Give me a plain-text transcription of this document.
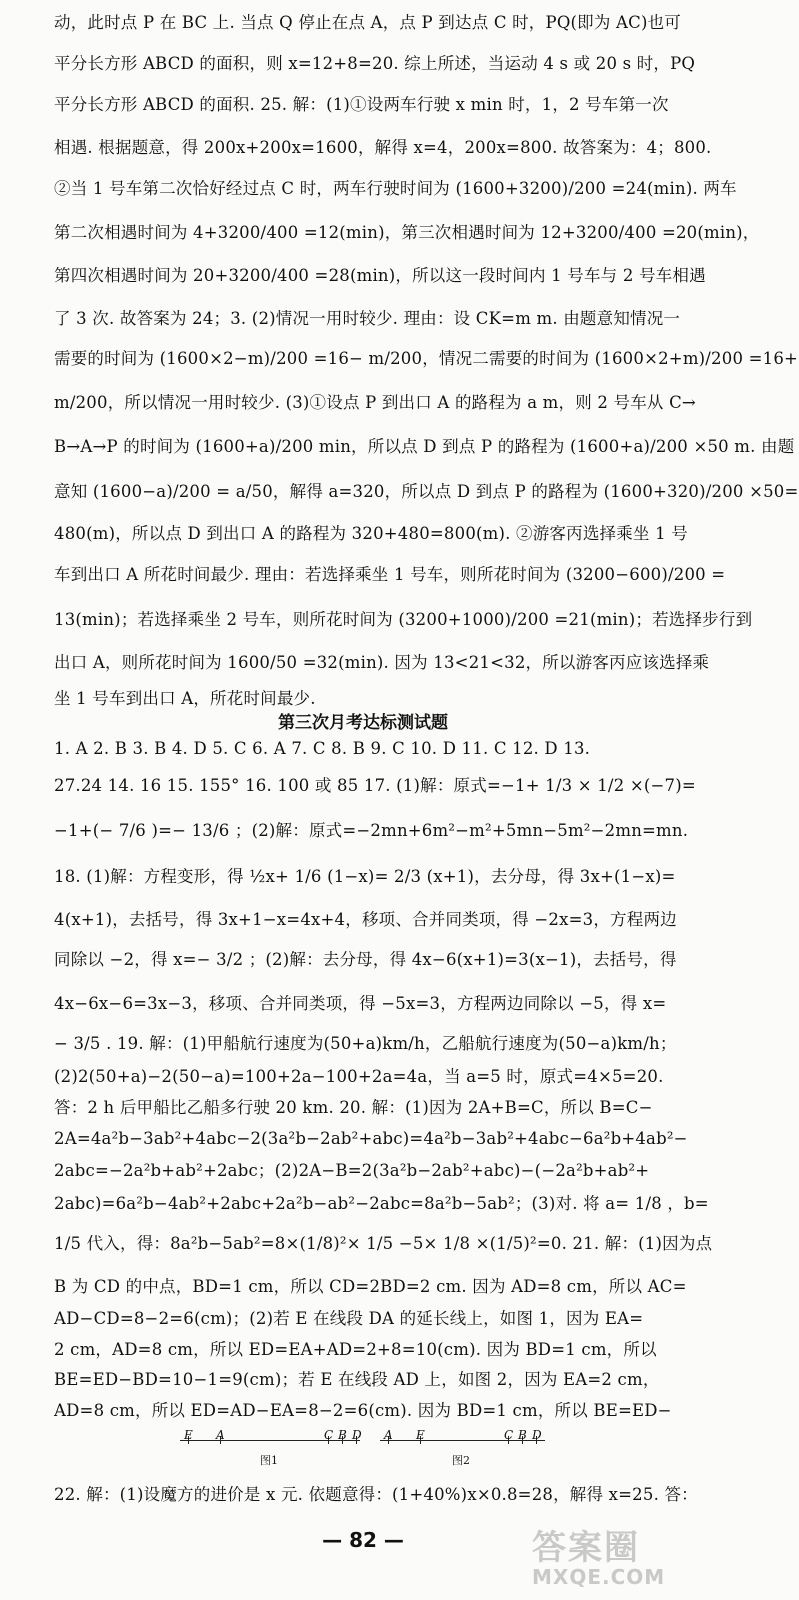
动，此时点 P 在 BC 上. 当点 Q 停止在点 A，点 P 到达点 C 时，PQ(即为 AC)也可
平分长方形 ABCD 的面积，则 x=12+8=20. 综上所述，当运动 4 s 或 20 s 时，PQ
平分长方形 ABCD 的面积. 25. 解：(1)①设两车行驶 x min 时，1，2 号车第一次
相遇. 根据题意，得 200x+200x=1600，解得 x=4，200x=800. 故答案为：4；800.
②当 1 号车第二次恰好经过点 C 时，两车行驶时间为 (1600+3200)/200 =24(min). 两车
第二次相遇时间为 4+3200/400 =12(min)，第三次相遇时间为 12+3200/400 =20(min)，
第四次相遇时间为 20+3200/400 =28(min)，所以这一段时间内 1 号车与 2 号车相遇
了 3 次. 故答案为 24；3. (2)情况一用时较少. 理由：设 CK=m m. 由题意知情况一
需要的时间为 (1600×2−m)/200 =16− m/200，情况二需要的时间为 (1600×2+m)/200 =16+
m/200，所以情况一用时较少. (3)①设点 P 到出口 A 的路程为 a m，则 2 号车从 C→
B→A→P 的时间为 (1600+a)/200 min，所以点 D 到点 P 的路程为 (1600+a)/200 ×50 m. 由题
意知 (1600−a)/200 = a/50，解得 a=320，所以点 D 到点 P 的路程为 (1600+320)/200 ×50=
480(m)，所以点 D 到出口 A 的路程为 320+480=800(m). ②游客丙选择乘坐 1 号
车到出口 A 所花时间最少. 理由：若选择乘坐 1 号车，则所花时间为 (3200−600)/200 =
13(min)；若选择乘坐 2 号车，则所花时间为 (3200+1000)/200 =21(min)；若选择步行到
出口 A，则所花时间为 1600/50 =32(min). 因为 13<21<32，所以游客丙应该选择乘
坐 1 号车到出口 A，所花时间最少.
第三次月考达标测试题
1. A 2. B 3. B 4. D 5. C 6. A 7. C 8. B 9. C 10. D 11. C 12. D 13.
27.24 14. 16 15. 155° 16. 100 或 85 17. (1)解：原式=−1+ 1/3 × 1/2 ×(−7)=
−1+(− 7/6 )=− 13/6 ；(2)解：原式=−2mn+6m²−m²+5mn−5m²−2mn=mn.
18. (1)解：方程变形，得 ½x+ 1/6 (1−x)= 2/3 (x+1)，去分母，得 3x+(1−x)=
4(x+1)，去括号，得 3x+1−x=4x+4，移项、合并同类项，得 −2x=3，方程两边
同除以 −2，得 x=− 3/2 ；(2)解：去分母，得 4x−6(x+1)=3(x−1)，去括号，得
4x−6x−6=3x−3，移项、合并同类项，得 −5x=3，方程两边同除以 −5，得 x=
− 3/5 . 19. 解：(1)甲船航行速度为(50+a)km/h，乙船航行速度为(50−a)km/h；
(2)2(50+a)−2(50−a)=100+2a−100+2a=4a，当 a=5 时，原式=4×5=20.
答：2 h 后甲船比乙船多行驶 20 km. 20. 解：(1)因为 2A+B=C，所以 B=C−
2A=4a²b−3ab²+4abc−2(3a²b−2ab²+abc)=4a²b−3ab²+4abc−6a²b+4ab²−
2abc=−2a²b+ab²+2abc；(2)2A−B=2(3a²b−2ab²+abc)−(−2a²b+ab²+
2abc)=6a²b−4ab²+2abc+2a²b−ab²−2abc=8a²b−5ab²；(3)对. 将 a= 1/8 ，b=
1/5 代入，得：8a²b−5ab²=8×(1/8)²× 1/5 −5× 1/8 ×(1/5)²=0. 21. 解：(1)因为点
B 为 CD 的中点，BD=1 cm，所以 CD=2BD=2 cm. 因为 AD=8 cm，所以 AC=
AD−CD=8−2=6(cm)；(2)若 E 在线段 DA 的延长线上，如图 1，因为 EA=
2 cm，AD=8 cm，所以 ED=EA+AD=2+8=10(cm). 因为 BD=1 cm，所以
BE=ED−BD=10−1=9(cm)；若 E 在线段 AD 上，如图 2，因为 EA=2 cm，
AD=8 cm，所以 ED=AD−EA=8−2=6(cm). 因为 BD=1 cm，所以 BE=ED−
E A	C B D
图1
A E	C B D
图2
22. 解：(1)设魔方的进价是 x 元. 依题意得：(1+40%)x×0.8=28，解得 x=25. 答：
— 82 —	答案圈
MXQE.COM
